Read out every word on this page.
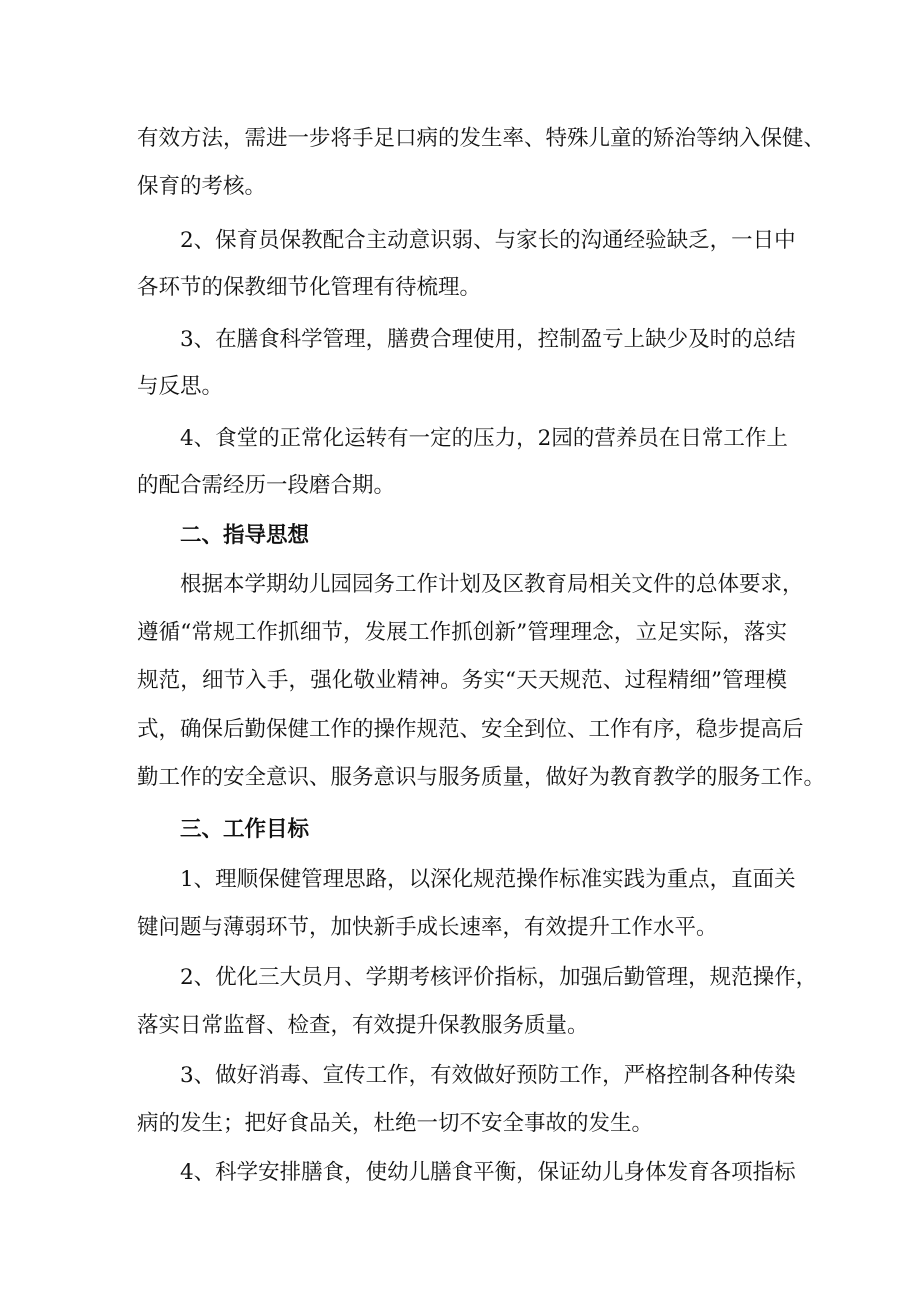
有效方法，需进一步将手足口病的发生率、特殊儿童的矫治等纳入保健、
保育的考核。
2、保育员保教配合主动意识弱、与家长的沟通经验缺乏，一日中
各环节的保教细节化管理有待梳理。
3、在膳食科学管理，膳费合理使用，控制盈亏上缺少及时的总结
与反思。
4、食堂的正常化运转有一定的压力，2园的营养员在日常工作上
的配合需经历一段磨合期。
二、指导思想
根据本学期幼儿园园务工作计划及区教育局相关文件的总体要求，
遵循“常规工作抓细节，发展工作抓创新”管理理念，立足实际，落实
规范，细节入手，强化敬业精神。务实“天天规范、过程精细”管理模
式，确保后勤保健工作的操作规范、安全到位、工作有序，稳步提高后
勤工作的安全意识、服务意识与服务质量，做好为教育教学的服务工作。
三、工作目标
1、理顺保健管理思路，以深化规范操作标准实践为重点，直面关
键问题与薄弱环节，加快新手成长速率，有效提升工作水平。
2、优化三大员月、学期考核评价指标，加强后勤管理，规范操作，
落实日常监督、检查，有效提升保教服务质量。
3、做好消毒、宣传工作，有效做好预防工作，严格控制各种传染
病的发生；把好食品关，杜绝一切不安全事故的发生。
4、科学安排膳食，使幼儿膳食平衡，保证幼儿身体发育各项指标
